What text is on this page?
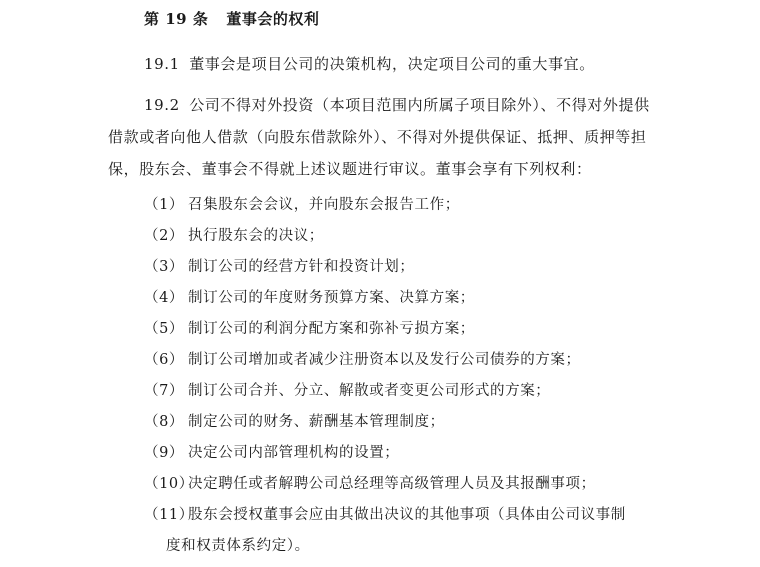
第 19 条 董事会的权利
19.1 董事会是项目公司的决策机构，决定项目公司的重大事宜。
19.2 公司不得对外投资（本项目范围内所属子项目除外）、不得对外提供
借款或者向他人借款（向股东借款除外）、不得对外提供保证、抵押、质押等担
保，股东会、董事会不得就上述议题进行审议。董事会享有下列权利：
（1） 召集股东会会议，并向股东会报告工作；
（2） 执行股东会的决议；
（3） 制订公司的经营方针和投资计划；
（4） 制订公司的年度财务预算方案、决算方案；
（5） 制订公司的利润分配方案和弥补亏损方案；
（6） 制订公司增加或者减少注册资本以及发行公司债券的方案；
（7） 制订公司合并、分立、解散或者变更公司形式的方案；
（8） 制定公司的财务、薪酬基本管理制度；
（9） 决定公司内部管理机构的设置；
（10）决定聘任或者解聘公司总经理等高级管理人员及其报酬事项；
（11）股东会授权董事会应由其做出决议的其他事项（具体由公司议事制
度和权责体系约定）。
